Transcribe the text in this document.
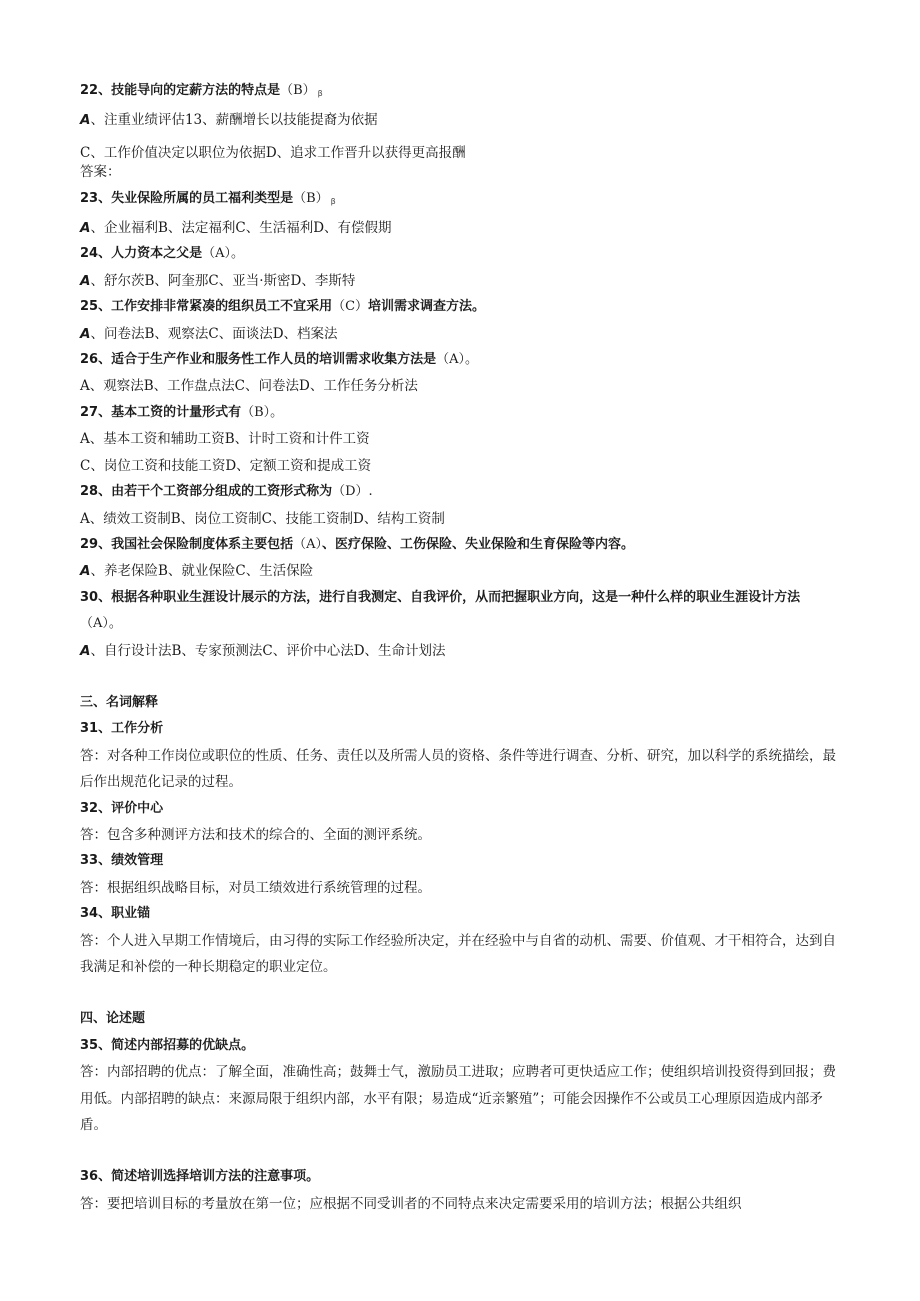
22、技能导向的定薪方法的特点是（B） $_\beta$

A、注重业绩评估13、薪酬增长以技能提裔为依据

C、工作价值决定以职位为依据D、追求工作晋升以获得更高报酬

答案：

23、失业保险所属的员工福利类型是（B） $_\beta$

A、企业福利B、法定福利C、生活福利D、有偿假期

24、人力资本之父是（A）。

A、舒尔茨B、阿奎那C、亚当·斯密D、李斯特

25、工作安排非常紧凑的组织员工不宜采用（C）培训需求调查方法。

A、问卷法B、观察法C、面谈法D、档案法

26、适合于生产作业和服务性工作人员的培训需求收集方法是（A）。

A、观察法B、工作盘点法C、问卷法D、工作任务分析法

27、基本工资的计量形式有（B）。

A、基本工资和辅助工资B、计时工资和计件工资

C、岗位工资和技能工资D、定额工资和提成工资

28、由若干个工资部分组成的工资形式称为（D）.

A、绩效工资制B、岗位工资制C、技能工资制D、结构工资制

29、我国社会保险制度体系主要包括（A）、医疗保险、工伤保险、失业保险和生育保险等内容。

A、养老保险B、就业保险C、生活保险

30、根据各种职业生涯设计展示的方法，进行自我测定、自我评价，从而把握职业方向，这是一种什么样的职业生涯设计方法（A）。

A、自行设计法B、专家预测法C、评价中心法D、生命计划法

三、名词解释

31、工作分析

答：对各种工作岗位或职位的性质、任务、责任以及所需人员的资格、条件等进行调查、分析、研究，加以科学的系统描绘，最后作出规范化记录的过程。

32、评价中心

答：包含多种测评方法和技术的综合的、全面的测评系统。

33、绩效管理

答：根据组织战略目标，对员工绩效进行系统管理的过程。

34、职业锚

答：个人进入早期工作情境后，由习得的实际工作经验所决定，并在经验中与自省的动机、需要、价值观、才干相符合，达到自我满足和补偿的一种长期稳定的职业定位。

四、论述题

35、简述内部招募的优缺点。

答：内部招聘的优点：了解全面，准确性高；鼓舞士气，激励员工进取；应聘者可更快适应工作；使组织培训投资得到回报；费用低。内部招聘的缺点：来源局限于组织内部，水平有限；易造成“近亲繁殖”；可能会因操作不公或员工心理原因造成内部矛盾。

36、简述培训选择培训方法的注意事项。

答：要把培训目标的考量放在第一位；应根据不同受训者的不同特点来决定需要采用的培训方法；根据公共组织
